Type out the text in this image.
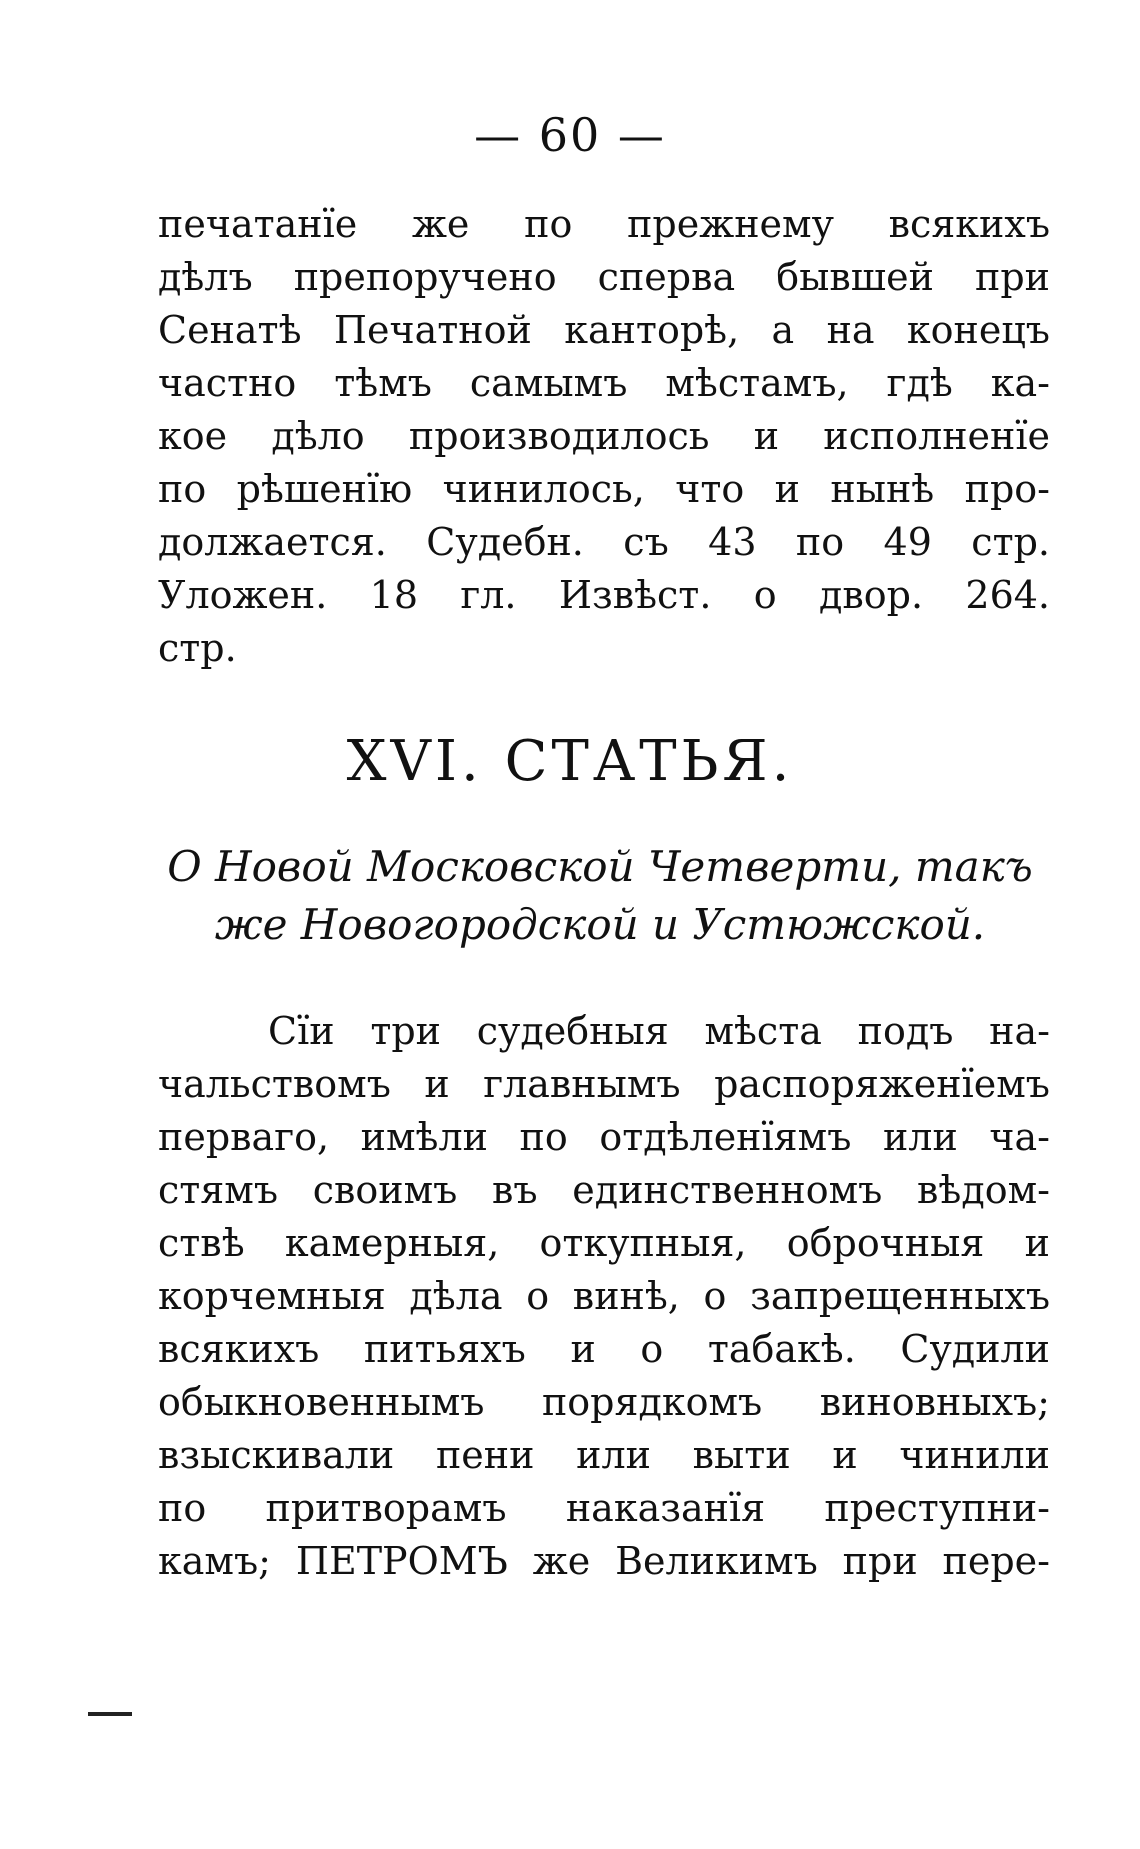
— 60 —
печатанїе же по прежнему всякихъ
дѣлъ препоручено сперва бывшей при
Сенатѣ Печатной канторѣ, а на конецъ
частно тѣмъ самымъ мѣстамъ, гдѣ ка-
кое дѣло производилось и исполненїе
по рѣшенїю чинилось, что и нынѣ про-
должается. Судебн. съ 43 по 49 стр.
Уложен. 18 гл. Извѣст. о двор. 264.
стр.
XVI. СТАТЬЯ.
О Новой Московской Четверти, такъ
же Новогородской и Устюжской.
Сїи три судебныя мѣста подъ на-
чальствомъ и главнымъ распоряженїемъ
перваго, имѣли по отдѣленїямъ или ча-
стямъ своимъ въ единственномъ вѣдом-
ствѣ камерныя, откупныя, оброчныя и
корчемныя дѣла о винѣ, о запрещенныхъ
всякихъ питьяхъ и о табакѣ. Судили
обыкновеннымъ порядкомъ виновныхъ;
взыскивали пени или выти и чинили
по притворамъ наказанїя преступни-
камъ; ПЕТРОМЪ же Великимъ при пере-
